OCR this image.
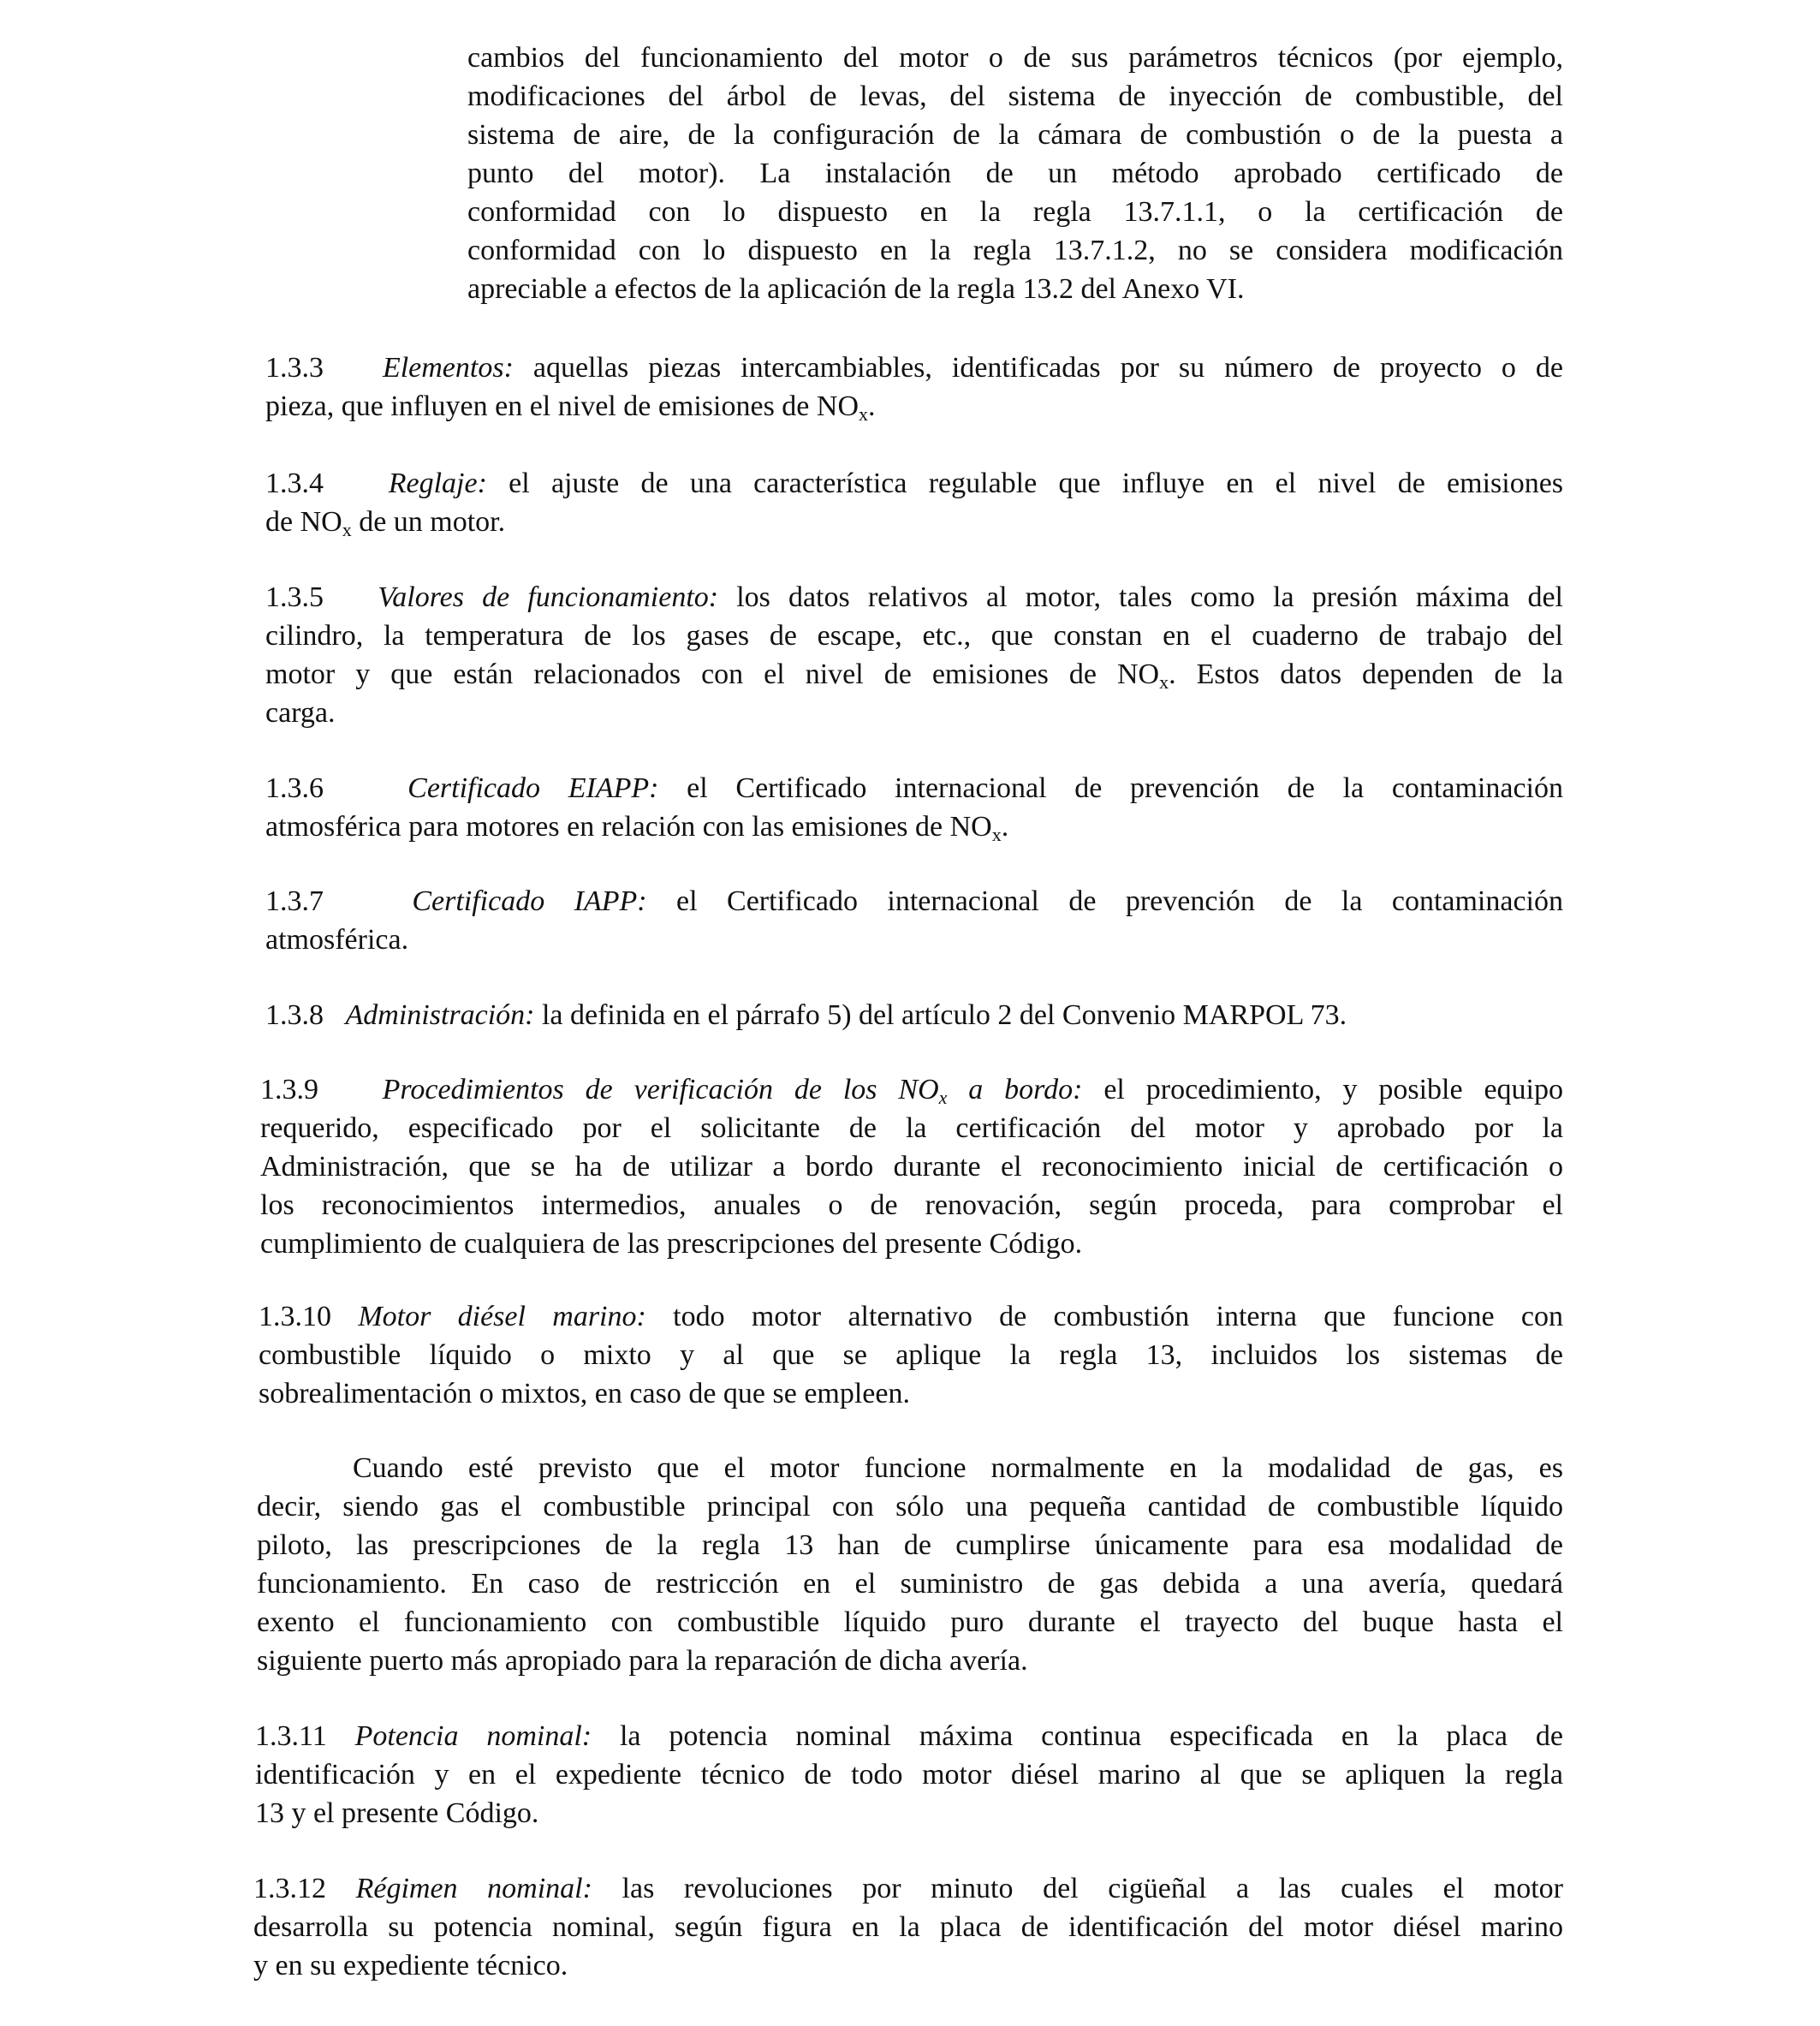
cambios del funcionamiento del motor o de sus parámetros técnicos (por ejemplo,
modificaciones del árbol de levas, del sistema de inyección de combustible, del
sistema de aire, de la configuración de la cámara de combustión o de la puesta a
punto del motor). La instalación de un método aprobado certificado de
conformidad con lo dispuesto en la regla 13.7.1.1, o la certificación de
conformidad con lo dispuesto en la regla 13.7.1.2, no se considera modificación
apreciable a efectos de la aplicación de la regla 13.2 del Anexo VI.
1.3.3 Elementos: aquellas piezas intercambiables, identificadas por su número de proyecto o de
pieza, que influyen en el nivel de emisiones de $NO_x$.
1.3.4 Reglaje: el ajuste de una característica regulable que influye en el nivel de emisiones
de $NO_x$ de un motor.
1.3.5 Valores de funcionamiento: los datos relativos al motor, tales como la presión máxima del
cilindro, la temperatura de los gases de escape, etc., que constan en el cuaderno de trabajo del
motor y que están relacionados con el nivel de emisiones de $NO_x$. Estos datos dependen de la
carga.
1.3.6	Certificado EIAPP: el Certificado internacional de prevención de la contaminación
atmosférica para motores en relación con las emisiones de $NO_x$.
1.3.7	Certificado IAPP: el Certificado internacional de prevención de la contaminación
atmosférica.
1.3.8 Administración: la definida en el párrafo 5) del artículo 2 del Convenio MARPOL 73.
1.3.9 Procedimientos de verificación de los $NO_x$ a bordo: el procedimiento, y posible equipo
requerido, especificado por el solicitante de la certificación del motor y aprobado por la
Administración, que se ha de utilizar a bordo durante el reconocimiento inicial de certificación o
los reconocimientos intermedios, anuales o de renovación, según proceda, para comprobar el
cumplimiento de cualquiera de las prescripciones del presente Código.
1.3.10 Motor diésel marino: todo motor alternativo de combustión interna que funcione con
combustible líquido o mixto y al que se aplique la regla 13, incluidos los sistemas de
sobrealimentación o mixtos, en caso de que se empleen.
Cuando esté previsto que el motor funcione normalmente en la modalidad de gas, es
decir, siendo gas el combustible principal con sólo una pequeña cantidad de combustible líquido
piloto, las prescripciones de la regla 13 han de cumplirse únicamente para esa modalidad de
funcionamiento. En caso de restricción en el suministro de gas debida a una avería, quedará
exento el funcionamiento con combustible líquido puro durante el trayecto del buque hasta el
siguiente puerto más apropiado para la reparación de dicha avería.
1.3.11 Potencia nominal: la potencia nominal máxima continua especificada en la placa de
identificación y en el expediente técnico de todo motor diésel marino al que se apliquen la regla
13 y el presente Código.
1.3.12 Régimen nominal: las revoluciones por minuto del cigüeñal a las cuales el motor
desarrolla su potencia nominal, según figura en la placa de identificación del motor diésel marino
y en su expediente técnico.
